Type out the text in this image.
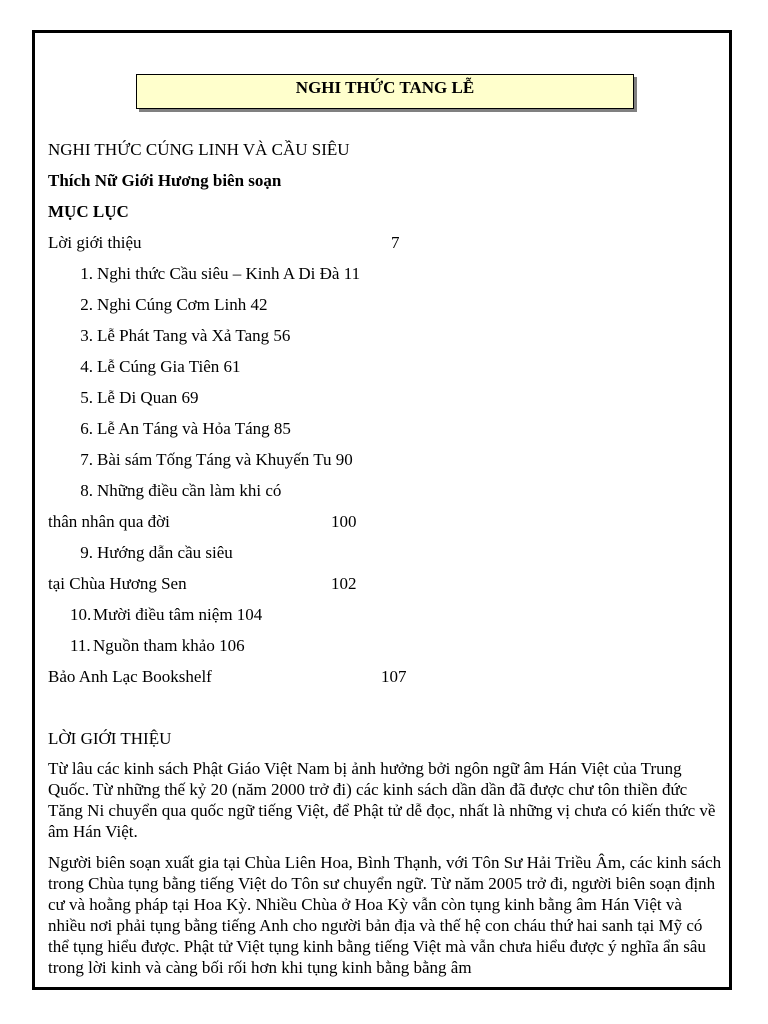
NGHI THỨC TANG LỄ
NGHI THỨC CÚNG LINH VÀ CẦU SIÊU
Thích Nữ Giới Hương biên soạn
MỤC LỤC
Lời giới thiệu	7
1. Nghi thức Cầu siêu – Kinh A Di Đà 11
2. Nghi Cúng Cơm Linh 42
3. Lễ Phát Tang và Xả Tang 56
4. Lễ Cúng Gia Tiên 61
5. Lễ Di Quan 69
6. Lễ An Táng và Hỏa Táng 85
7. Bài sám Tống Táng và Khuyến Tu 90
8. Những điều cần làm khi có
thân nhân qua đời	100
9. Hướng dẫn cầu siêu
tại Chùa Hương Sen	102
10. Mười điều tâm niệm 104
11. Nguồn tham khảo 106
Bảo Anh Lạc Bookshelf	107
LỜI GIỚI THIỆU

Từ lâu các kinh sách Phật Giáo Việt Nam bị ảnh hưởng bởi ngôn ngữ âm Hán Việt của Trung Quốc. Từ những thế kỷ 20 (năm 2000 trở đi) các kinh sách dần dần đã được chư tôn thiền đức Tăng Ni chuyển qua quốc ngữ tiếng Việt, để Phật tử dễ đọc, nhất là những vị chưa có kiến thức về âm Hán Việt.

Người biên soạn xuất gia tại Chùa Liên Hoa, Bình Thạnh, với Tôn Sư Hải Triều Âm, các kinh sách trong Chùa tụng bằng tiếng Việt do Tôn sư chuyển ngữ. Từ năm 2005 trở đi, người biên soạn định cư và hoằng pháp tại Hoa Kỳ. Nhiều Chùa ở Hoa Kỳ vẫn còn tụng kinh bằng âm Hán Việt và nhiều nơi phải tụng bằng tiếng Anh cho người bản địa và thế hệ con cháu thứ hai sanh tại Mỹ có thể tụng hiểu được. Phật tử Việt tụng kinh bằng tiếng Việt mà vẫn chưa hiểu được ý nghĩa ẩn sâu trong lời kinh và càng bối rối hơn khi tụng kinh bằng bằng âm
